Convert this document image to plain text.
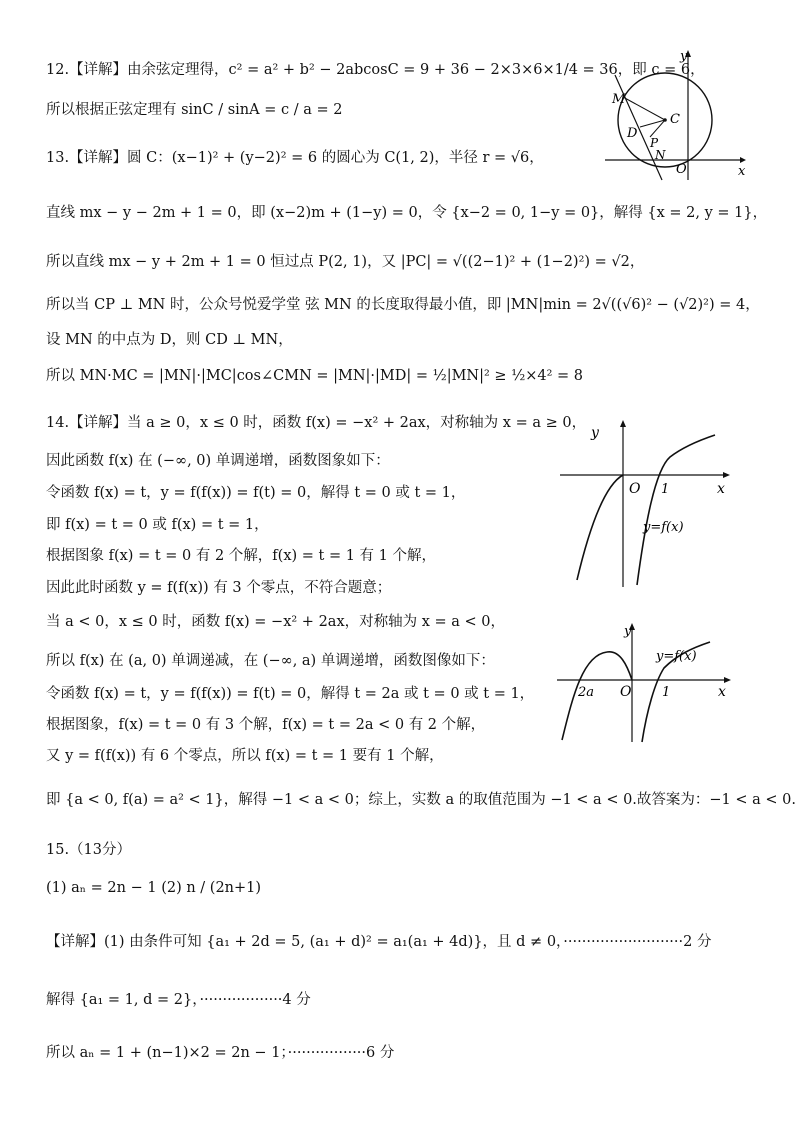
12.【详解】由余弦定理得，c² = a² + b² − 2abcosC = 9 + 36 − 2×3×6×1/4 = 36，即 c = 6，
所以根据正弦定理有 sinC / sinA = c / a = 2
13.【详解】圆 C：(x−1)² + (y−2)² = 6 的圆心为 C(1, 2)，半径 r = √6，
直线 mx − y − 2m + 1 = 0，即 (x−2)m + (1−y) = 0，令 {x−2 = 0, 1−y = 0}，解得 {x = 2, y = 1}，
所以直线 mx − y + 2m + 1 = 0 恒过点 P(2, 1)，又 |PC| = √((2−1)² + (1−2)²) = √2，
所以当 CP ⊥ MN 时，公众号悦爱学堂 弦 MN 的长度取得最小值，即 |MN|min = 2√((√6)² − (√2)²) = 4，
设 MN 的中点为 D，则 CD ⊥ MN，
所以 MN·MC = |MN|·|MC|cos∠CMN = |MN|·|MD| = ½|MN|² ≥ ½×4² = 8
14.【详解】当 a ≥ 0，x ≤ 0 时，函数 f(x) = −x² + 2ax，对称轴为 x = a ≥ 0，
因此函数 f(x) 在 (−∞, 0) 单调递增，函数图象如下：
令函数 f(x) = t，y = f(f(x)) = f(t) = 0，解得 t = 0 或 t = 1，
即 f(x) = t = 0 或 f(x) = t = 1，
根据图象 f(x) = t = 0 有 2 个解，f(x) = t = 1 有 1 个解，
因此此时函数 y = f(f(x)) 有 3 个零点，不符合题意；
当 a < 0，x ≤ 0 时，函数 f(x) = −x² + 2ax，对称轴为 x = a < 0，
所以 f(x) 在 (a, 0) 单调递减，在 (−∞, a) 单调递增，函数图像如下：
令函数 f(x) = t，y = f(f(x)) = f(t) = 0，解得 t = 2a 或 t = 0 或 t = 1，
根据图象，f(x) = t = 0 有 3 个解，f(x) = t = 2a < 0 有 2 个解，
又 y = f(f(x)) 有 6 个零点，所以 f(x) = t = 1 要有 1 个解，
即 {a < 0, f(a) = a² < 1}，解得 −1 < a < 0；综上，实数 a 的取值范围为 −1 < a < 0.故答案为：−1 < a < 0.
15.（13分）
(1) aₙ = 2n − 1 (2) n / (2n+1)
【详解】(1) 由条件可知 {a₁ + 2d = 5, (a₁ + d)² = a₁(a₁ + 4d)}，且 d ≠ 0，··························2 分
解得 {a₁ = 1, d = 2}，··················4 分
所以 aₙ = 1 + (n−1)×2 = 2n − 1；·················6 分
y
x
M
C
D
P
N
O
y
x
O 1
y=f(x)
y
x
O 1
2a
y=f(x)
